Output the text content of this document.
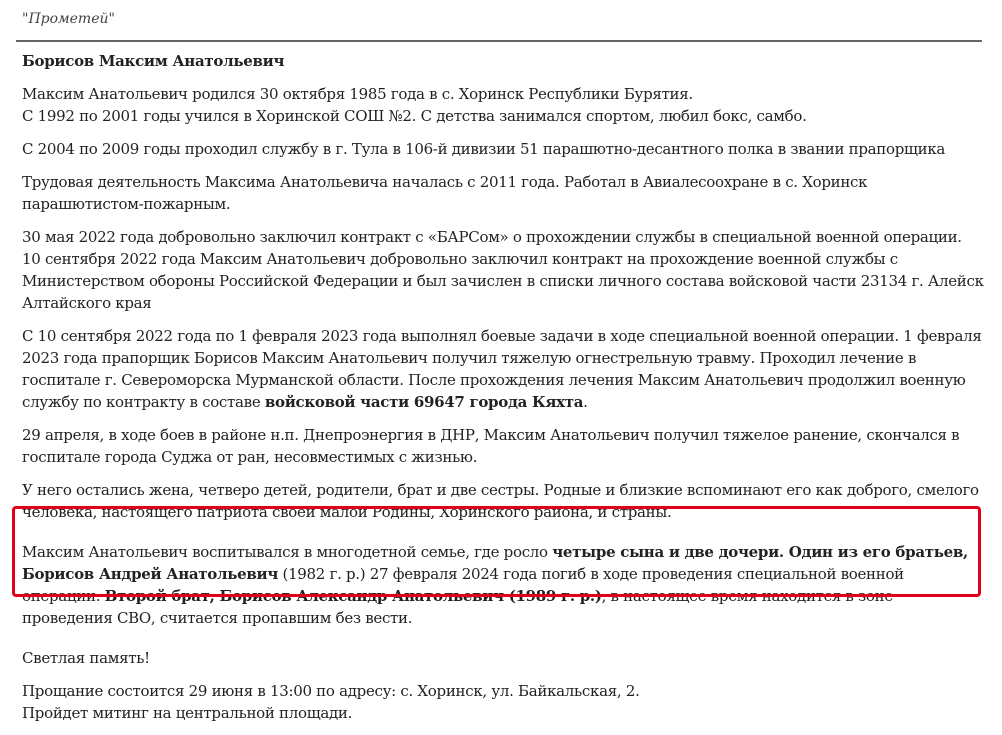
"Прометей"
Борисов Максим Анатольевич

Максим Анатольевич родился 30 октября 1985 года в с. Хоринск Республики Бурятия.
С 1992 по 2001 годы учился в Хоринской СОШ №2. С детства занимался спортом, любил бокс, самбо.

С 2004 по 2009 годы проходил службу в г. Тула в 106-й дивизии 51 парашютно-десантного полка в звании прапорщика

Трудовая деятельность Максима Анатольевича началась с 2011 года. Работал в Авиалесоохране в с. Хоринск парашютистом-пожарным.

30 мая 2022 года добровольно заключил контракт с «БАРСом» о прохождении службы в специальной военной операции. 10 сентября 2022 года Максим Анатольевич добровольно заключил контракт на прохождение военной службы с Министерством обороны Российской Федерации и был зачислен в списки личного состава войсковой части 23134 г. Алейск Алтайского края

С 10 сентября 2022 года по 1 февраля 2023 года выполнял боевые задачи в ходе специальной военной операции. 1 февраля 2023 года прапорщик Борисов Максим Анатольевич получил тяжелую огнестрельную травму. Проходил лечение в госпитале г. Североморска Мурманской области. После прохождения лечения Максим Анатольевич продолжил военную службу по контракту в составе войсковой части 69647 города Кяхта.

29 апреля, в ходе боев в районе н.п. Днепроэнергия в ДНР, Максим Анатольевич получил тяжелое ранение, скончался в госпитале города Суджа от ран, несовместимых с жизнью.

У него остались жена, четверо детей, родители, брат и две сестры. Родные и близкие вспоминают его как доброго, смелого человека, настоящего патриота своей малой Родины, Хоринского района, и страны.

Максим Анатольевич воспитывался в многодетной семье, где росло четыре сына и две дочери. Один из его братьев, Борисов Андрей Анатольевич (1982 г. р.) 27 февраля 2024 года погиб в ходе проведения специальной военной операции. Второй брат, Борисов Александр Анатольевич (1989 г. р.), в настоящее время находится в зоне проведения СВО, считается пропавшим без вести.

Светлая память!

Прощание состоится 29 июня в 13:00 по адресу: с. Хоринск, ул. Байкальская, 2.
Пройдет митинг на центральной площади.
